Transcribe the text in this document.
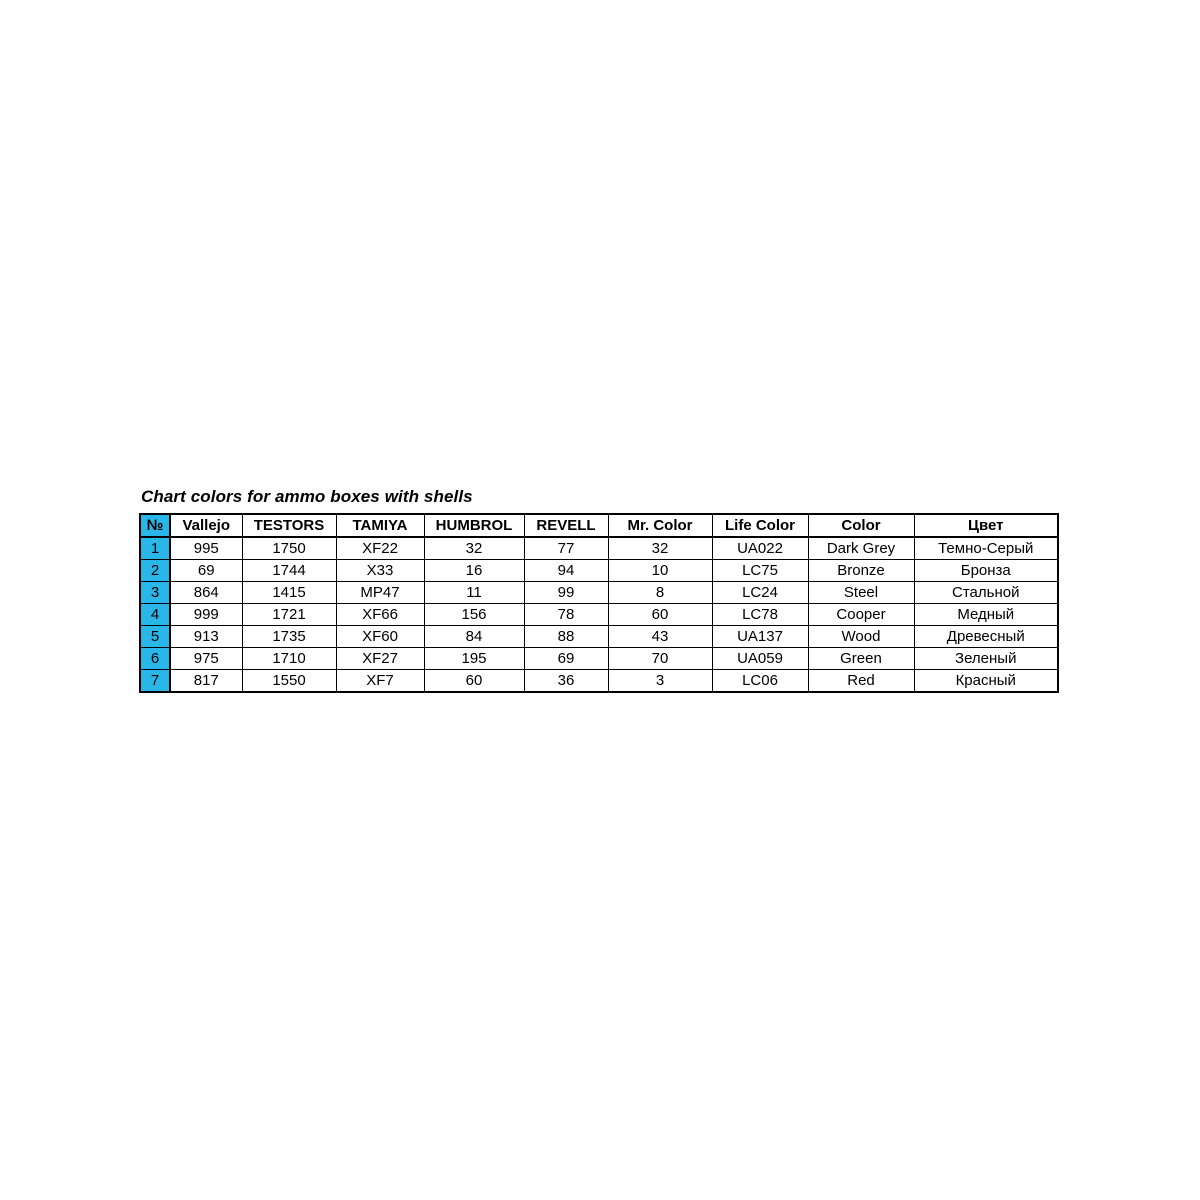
Chart colors for ammo boxes with shells
№	Vallejo	TESTORS	TAMIYA	HUMBROL	REVELL	Mr. Color	Life Color	Color	Цвет
1	995	1750	XF22	32	77	32	UA022	Dark Grey	Темно-Серый
2	69	1744	X33	16	94	10	LC75	Bronze	Бронза
3	864	1415	MP47	11	99	8	LC24	Steel	Стальной
4	999	1721	XF66	156	78	60	LC78	Cooper	Медный
5	913	1735	XF60	84	88	43	UA137	Wood	Древесный
6	975	1710	XF27	195	69	70	UA059	Green	Зеленый
7	817	1550	XF7	60	36	3	LC06	Red	Красный
